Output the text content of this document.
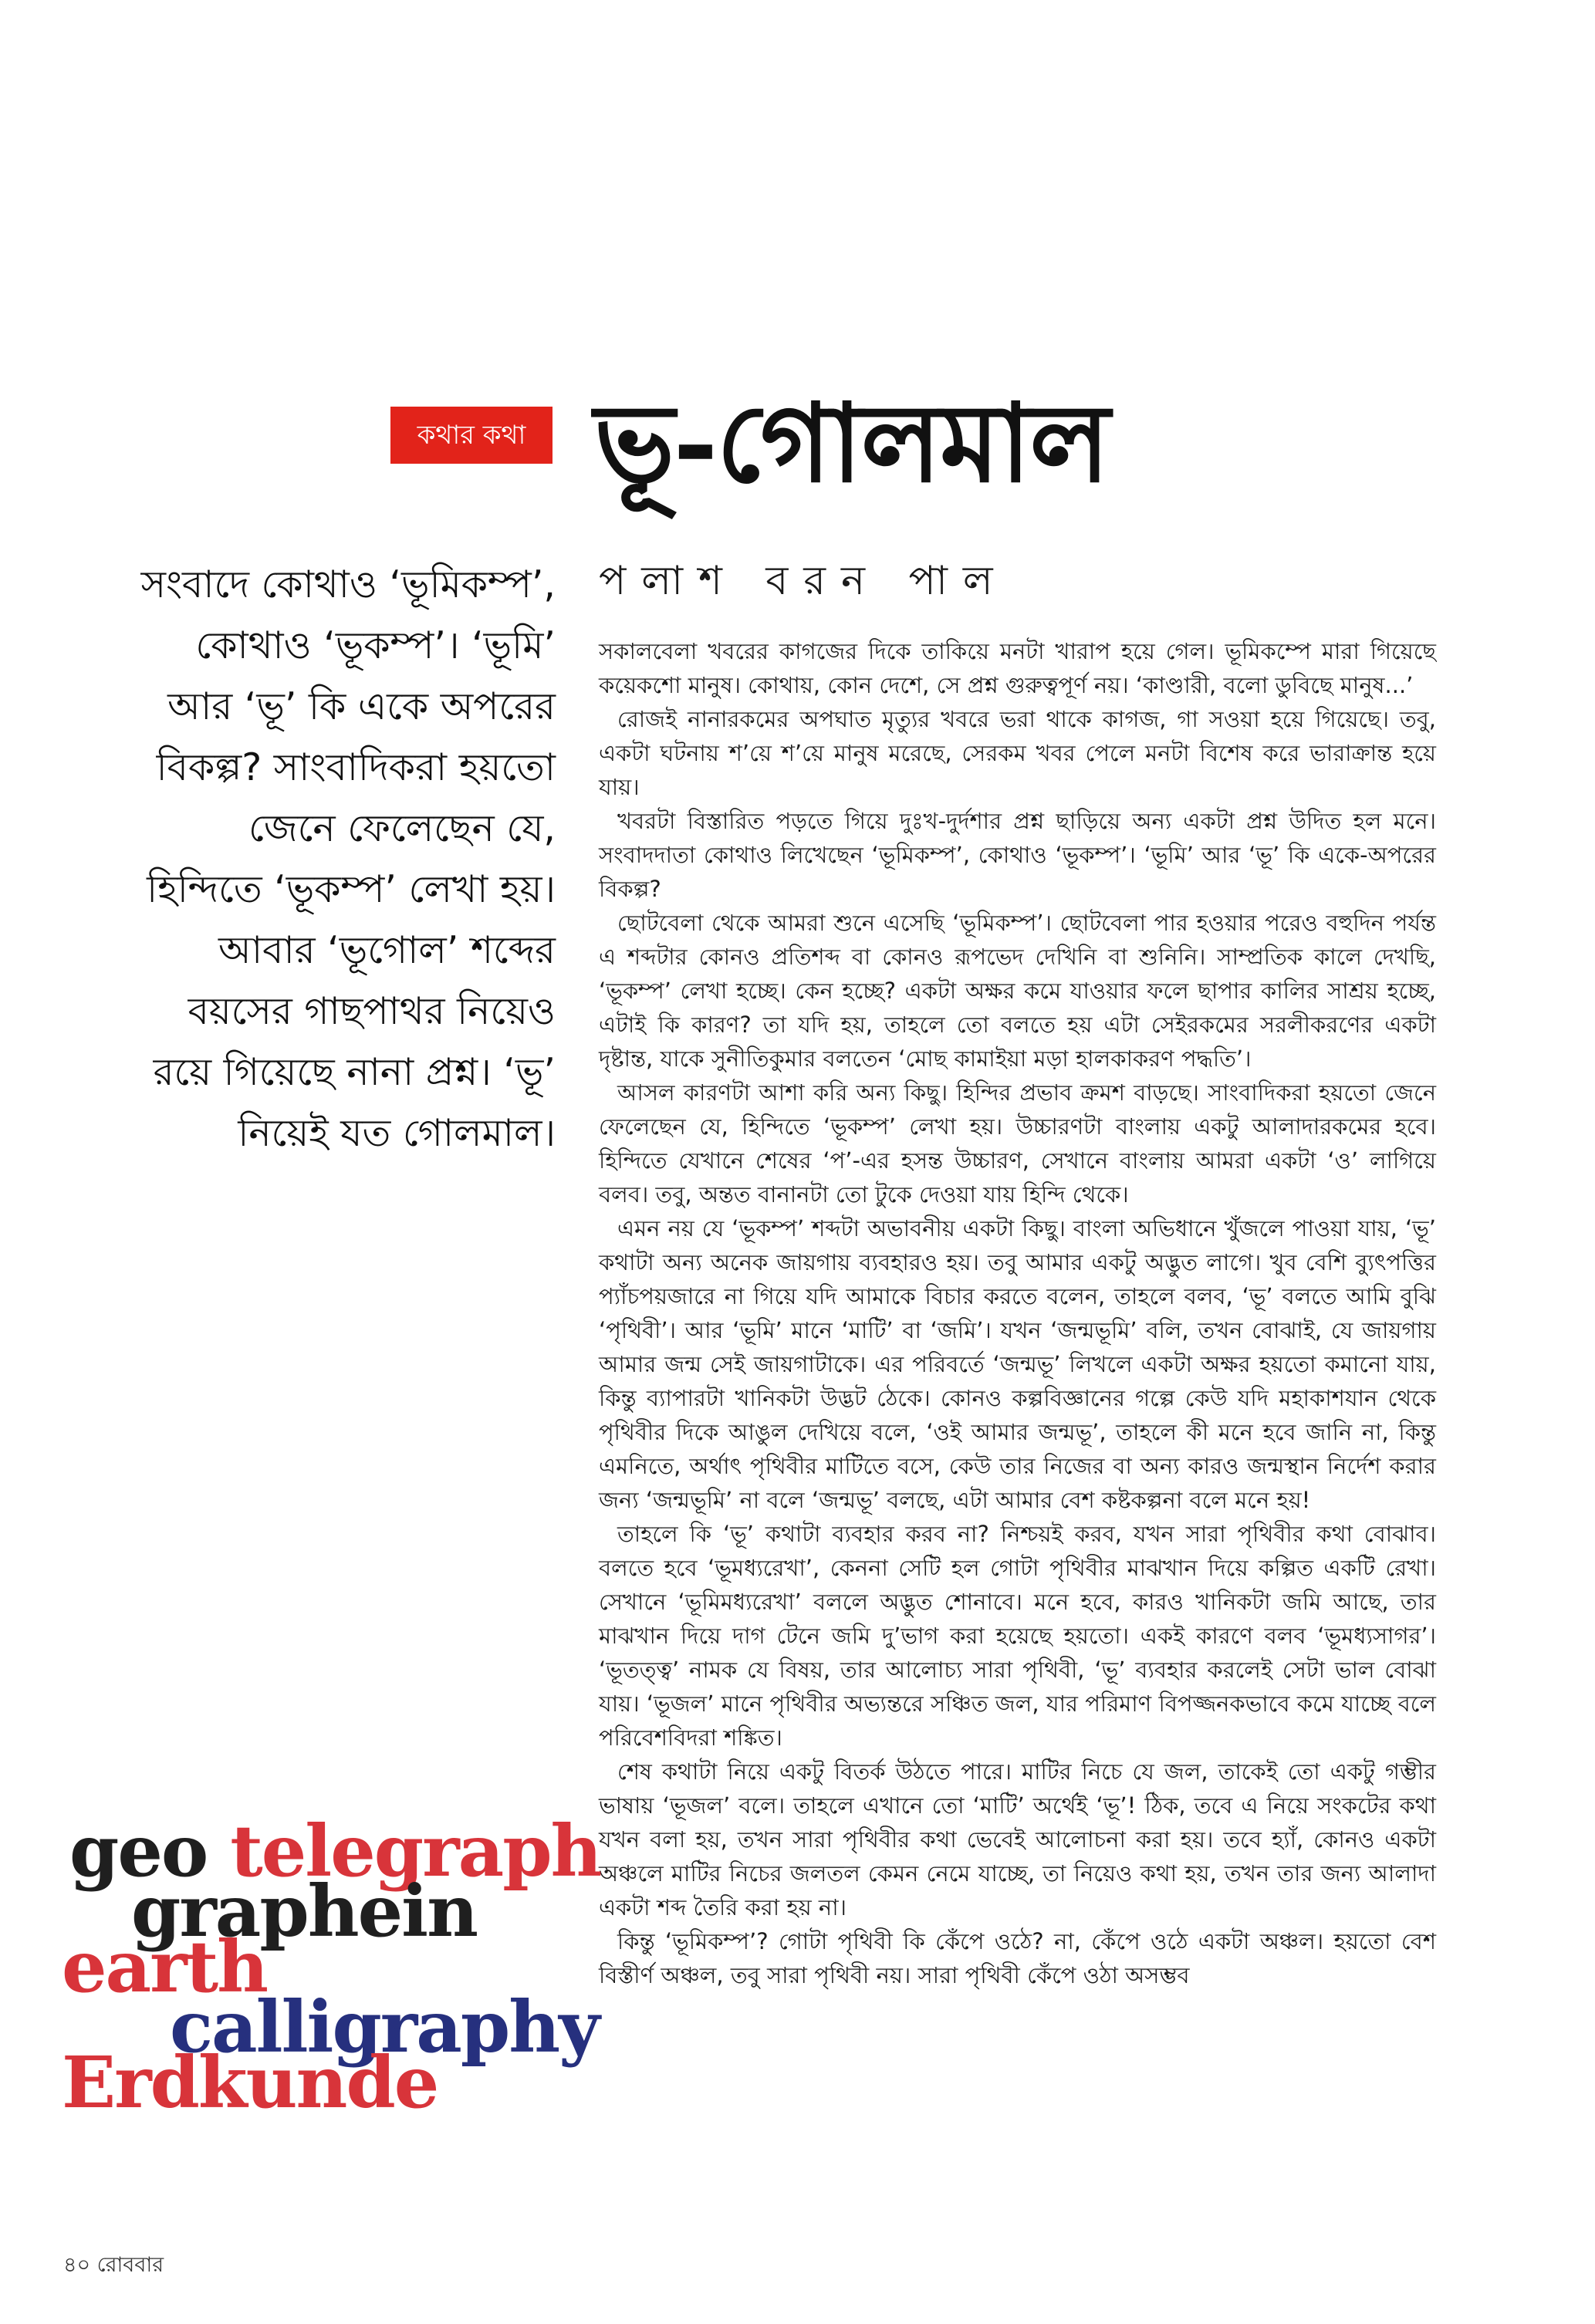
কথার কথা ভূ-গোলমাল
পলাশ বরন পাল

সংবাদে কোথাও ‘ভূমিকম্প’, কোথাও ‘ভূকম্প’। ‘ভূমি’ আর ‘ভূ’ কি একে অপরের বিকল্প? সাংবাদিকরা হয়তো জেনে ফেলেছেন যে, হিন্দিতে ‘ভূকম্প’ লেখা হয়। আবার ‘ভূগোল’ শব্দের বয়সের গাছপাথর নিয়েও রয়ে গিয়েছে নানা প্রশ্ন। ‘ভূ’ নিয়েই যত গোলমাল।

সকালবেলা খবরের কাগজের দিকে তাকিয়ে মনটা খারাপ হয়ে গেল। ভূমিকম্পে মারা গিয়েছে কয়েকশো মানুষ। কোথায়, কোন দেশে, সে প্রশ্ন গুরুত্বপূর্ণ নয়। ‘কাণ্ডারী, বলো ডুবিছে মানুষ...’

রোজই নানারকমের অপঘাত মৃত্যুর খবরে ভরা থাকে কাগজ, গা সওয়া হয়ে গিয়েছে। তবু, একটা ঘটনায় শ’য়ে শ’য়ে মানুষ মরেছে, সেরকম খবর পেলে মনটা বিশেষ করে ভারাক্রান্ত হয়ে যায়।

খবরটা বিস্তারিত পড়তে গিয়ে দুঃখ-দুর্দশার প্রশ্ন ছাড়িয়ে অন্য একটা প্রশ্ন উদিত হল মনে। সংবাদদাতা কোথাও লিখেছেন ‘ভূমিকম্প’, কোথাও ‘ভূকম্প’। ‘ভূমি’ আর ‘ভূ’ কি একে-অপরের বিকল্প?

ছোটবেলা থেকে আমরা শুনে এসেছি ‘ভূমিকম্প’। ছোটবেলা পার হওয়ার পরেও বহুদিন পর্যন্ত এ শব্দটার কোনও প্রতিশব্দ বা কোনও রূপভেদ দেখিনি বা শুনিনি। সাম্প্রতিক কালে দেখছি, ‘ভূকম্প’ লেখা হচ্ছে। কেন হচ্ছে? একটা অক্ষর কমে যাওয়ার ফলে ছাপার কালির সাশ্রয় হচ্ছে, এটাই কি কারণ? তা যদি হয়, তাহলে তো বলতে হয় এটা সেইরকমের সরলীকরণের একটা দৃষ্টান্ত, যাকে সুনীতিকুমার বলতেন ‘মোছ কামাইয়া মড়া হালকাকরণ পদ্ধতি’।

আসল কারণটা আশা করি অন্য কিছু। হিন্দির প্রভাব ক্রমশ বাড়ছে। সাংবাদিকরা হয়তো জেনে ফেলেছেন যে, হিন্দিতে ‘ভূকম্প’ লেখা হয়। উচ্চারণটা বাংলায় একটু আলাদারকমের হবে। হিন্দিতে যেখানে শেষের ‘প’-এর হসন্ত উচ্চারণ, সেখানে বাংলায় আমরা একটা ‘ও’ লাগিয়ে বলব। তবু, অন্তত বানানটা তো টুকে দেওয়া যায় হিন্দি থেকে।

এমন নয় যে ‘ভূকম্প’ শব্দটা অভাবনীয় একটা কিছু। বাংলা অভিধানে খুঁজলে পাওয়া যায়, ‘ভূ’ কথাটা অন্য অনেক জায়গায় ব্যবহারও হয়। তবু আমার একটু অদ্ভুত লাগে। খুব বেশি ব্যুৎপত্তির প্যাঁচপয়জারে না গিয়ে যদি আমাকে বিচার করতে বলেন, তাহলে বলব, ‘ভূ’ বলতে আমি বুঝি ‘পৃথিবী’। আর ‘ভূমি’ মানে ‘মাটি’ বা ‘জমি’। যখন ‘জন্মভূমি’ বলি, তখন বোঝাই, যে জায়গায় আমার জন্ম সেই জায়গাটাকে। এর পরিবর্তে ‘জন্মভূ’ লিখলে একটা অক্ষর হয়তো কমানো যায়, কিন্তু ব্যাপারটা খানিকটা উদ্ভট ঠেকে। কোনও কল্পবিজ্ঞানের গল্পে কেউ যদি মহাকাশযান থেকে পৃথিবীর দিকে আঙুল দেখিয়ে বলে, ‘ওই আমার জন্মভূ’, তাহলে কী মনে হবে জানি না, কিন্তু এমনিতে, অর্থাৎ পৃথিবীর মাটিতে বসে, কেউ তার নিজের বা অন্য কারও জন্মস্থান নির্দেশ করার জন্য ‘জন্মভূমি’ না বলে ‘জন্মভূ’ বলছে, এটা আমার বেশ কষ্টকল্পনা বলে মনে হয়!

তাহলে কি ‘ভূ’ কথাটা ব্যবহার করব না? নিশ্চয়ই করব, যখন সারা পৃথিবীর কথা বোঝাব। বলতে হবে ‘ভূমধ্যরেখা’, কেননা সেটি হল গোটা পৃথিবীর মাঝখান দিয়ে কল্পিত একটি রেখা। সেখানে ‘ভূমিমধ্যরেখা’ বললে অদ্ভুত শোনাবে। মনে হবে, কারও খানিকটা জমি আছে, তার মাঝখান দিয়ে দাগ টেনে জমি দু’ভাগ করা হয়েছে হয়তো। একই কারণে বলব ‘ভূমধ্যসাগর’। ‘ভূতত্ত্ব’ নামক যে বিষয়, তার আলোচ্য সারা পৃথিবী, ‘ভূ’ ব্যবহার করলেই সেটা ভাল বোঝা যায়। ‘ভূজল’ মানে পৃথিবীর অভ্যন্তরে সঞ্চিত জল, যার পরিমাণ বিপজ্জনকভাবে কমে যাচ্ছে বলে পরিবেশবিদরা শঙ্কিত।

শেষ কথাটা নিয়ে একটু বিতর্ক উঠতে পারে। মাটির নিচে যে জল, তাকেই তো একটু গম্ভীর ভাষায় ‘ভূজল’ বলে। তাহলে এখানে তো ‘মাটি’ অর্থেই ‘ভূ’! ঠিক, তবে এ নিয়ে সংকটের কথা যখন বলা হয়, তখন সারা পৃথিবীর কথা ভেবেই আলোচনা করা হয়। তবে হ্যাঁ, কোনও একটা অঞ্চলে মাটির নিচের জলতল কেমন নেমে যাচ্ছে, তা নিয়েও কথা হয়, তখন তার জন্য আলাদা একটা শব্দ তৈরি করা হয় না।

কিন্তু ‘ভূমিকম্প’? গোটা পৃথিবী কি কেঁপে ওঠে? না, কেঁপে ওঠে একটা অঞ্চল। হয়তো বেশ বিস্তীর্ণ অঞ্চল, তবু সারা পৃথিবী নয়। সারা পৃথিবী কেঁপে ওঠা অসম্ভব

geo telegraph
graphein
earth
calligraphy
Erdkunde
৪০ রোববার
